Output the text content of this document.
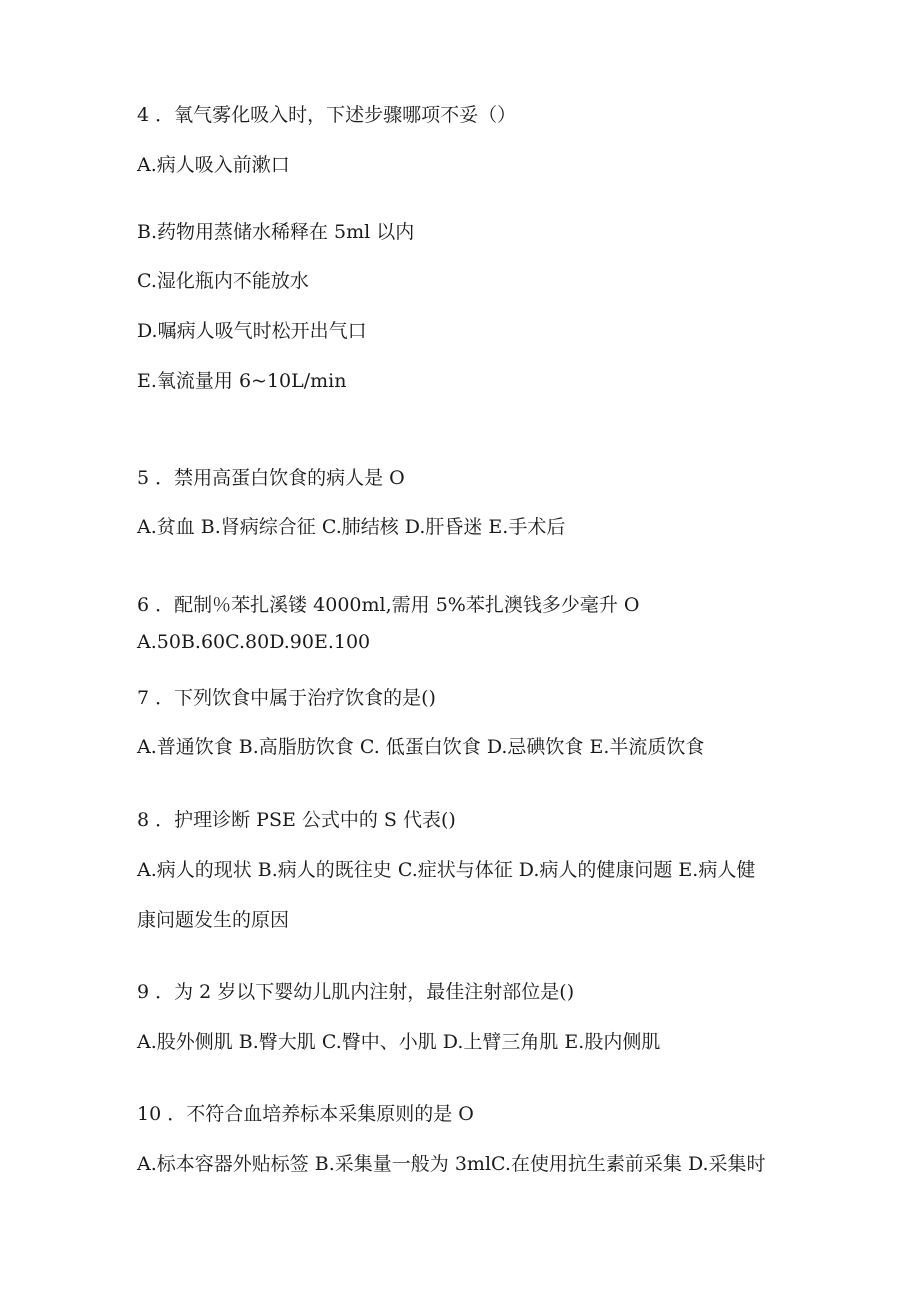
4 ．氧气雾化吸入时，下述步骤哪项不妥（）
A.病人吸入前漱口
B.药物用蒸储水稀释在 5ml 以内
C.湿化瓶内不能放水
D.嘱病人吸气时松开出气口
E.氧流量用 6~10L∕min
5 ．禁用高蛋白饮食的病人是 O
A.贫血 B.肾病综合征 C.肺结核 D.肝昏迷 E.手术后
6 ．配制％苯扎溪镂 4000ml,需用 5%苯扎澳钱多少毫升 O
A.50B.60C.80D.90E.100
7 ．下列饮食中属于治疗饮食的是()
A.普通饮食 B.高脂肪饮食 C. 低蛋白饮食 D.忌碘饮食 E.半流质饮食
8 ．护理诊断 PSE 公式中的 S 代表()
A.病人的现状 B.病人的既往史 C.症状与体征 D.病人的健康问题 E.病人健
康问题发生的原因
9 ．为 2 岁以下婴幼儿肌内注射，最佳注射部位是()
A.股外侧肌 B.臀大肌 C.臀中、小肌 D.上臂三角肌 E.股内侧肌
10 ．不符合血培养标本采集原则的是 O
A.标本容器外贴标签 B.采集量一般为 3mlC.在使用抗生素前采集 D.采集时
